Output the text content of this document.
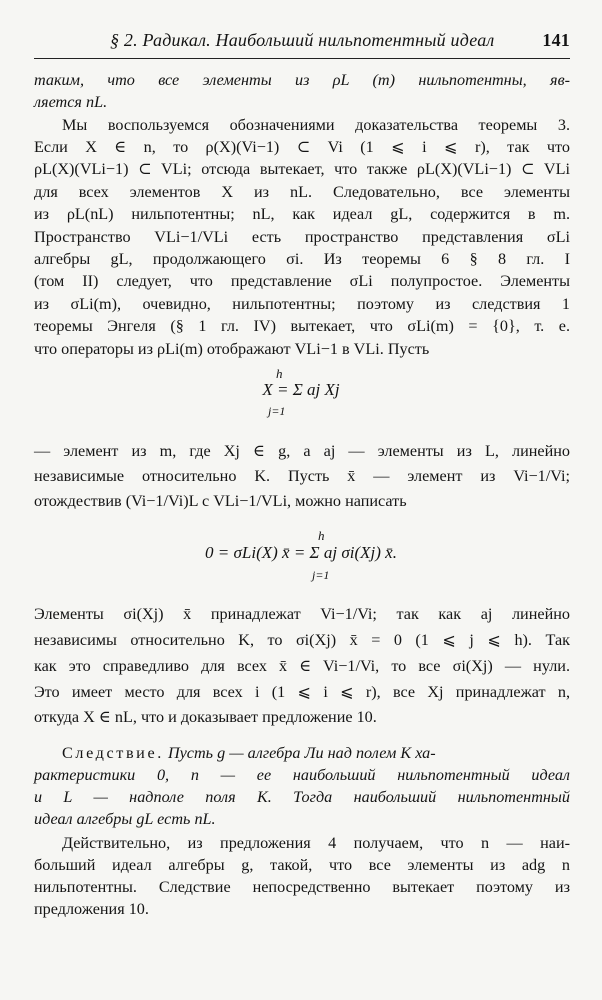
§ 2. Радикал. Наибольший нильпотентный идеал	141
таким, что все элементы из ρL (m) нильпотентны, яв-
ляется nL.
Мы воспользуемся обозначениями доказательства теоремы 3.
Если X ∈ n, то ρ(X)(Vi−1) ⊂ Vi (1 ⩽ i ⩽ r), так что
ρL(X)(VLi−1) ⊂ VLi; отсюда вытекает, что также ρL(X)(VLi−1) ⊂ VLi
для всех элементов X из nL. Следовательно, все элементы
из ρL(nL) нильпотентны; nL, как идеал gL, содержится в m.
Пространство VLi−1/VLi есть пространство представления σLi
алгебры gL, продолжающего σi. Из теоремы 6 § 8 гл. I
(том II) следует, что представление σLi полупростое. Элементы
из σLi(m), очевидно, нильпотентны; поэтому из следствия 1
теоремы Энгеля (§ 1 гл. IV) вытекает, что σLi(m) = {0}, т. е.
что операторы из ρLi(m) отображают VLi−1 в VLi. Пусть
h
X = Σ aj Xj
j=1
— элемент из m, где Xj ∈ g, а aj — элементы из L, линейно
независимые относительно K. Пусть x̄ — элемент из Vi−1/Vi;
отождествив (Vi−1/Vi)L с VLi−1/VLi, можно написать
h
0 = σLi(X) x̄ = Σ aj σi(Xj) x̄.
j=1
Элементы σi(Xj) x̄ принадлежат Vi−1/Vi; так как aj линейно
независимы относительно K, то σi(Xj) x̄ = 0 (1 ⩽ j ⩽ h). Так
как это справедливо для всех x̄ ∈ Vi−1/Vi, то все σi(Xj) — нули.
Это имеет место для всех i (1 ⩽ i ⩽ r), все Xj принадлежат n,
откуда X ∈ nL, что и доказывает предложение 10.
Следствие. Пусть g — алгебра Ли над полем K ха-
рактеристики 0, n — ее наибольший нильпотентный идеал
и L — надполе поля K. Тогда наибольший нильпотентный
идеал алгебры gL есть nL.
Действительно, из предложения 4 получаем, что n — наи-
больший идеал алгебры g, такой, что все элементы из adg n
нильпотентны. Следствие непосредственно вытекает поэтому из
предложения 10.
